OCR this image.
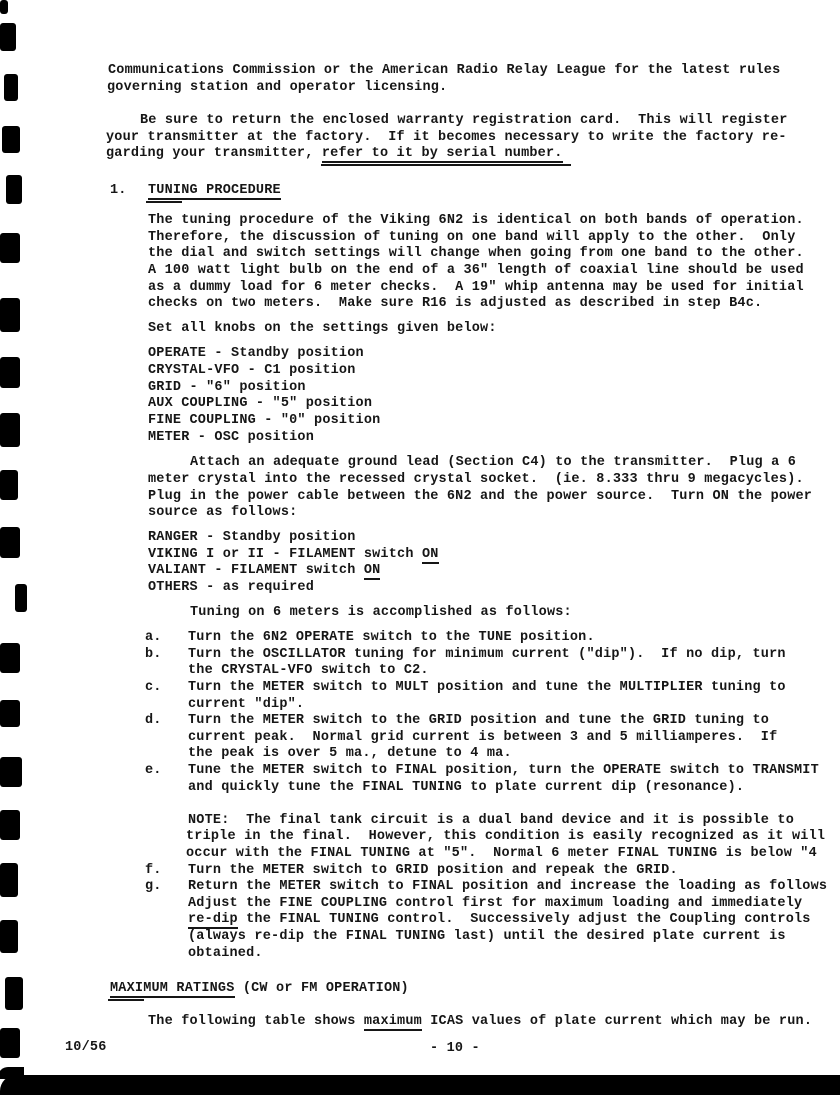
Communications Commission or the American Radio Relay League for the latest rules
governing station and operator licensing.
Be sure to return the enclosed warranty registration card.  This will register
your transmitter at the factory.  If it becomes necessary to write the factory re-
garding your transmitter, refer to it by serial number.
1. TUNING PROCEDURE
The tuning procedure of the Viking 6N2 is identical on both bands of operation.
Therefore, the discussion of tuning on one band will apply to the other.  Only
the dial and switch settings will change when going from one band to the other.
A 100 watt light bulb on the end of a 36" length of coaxial line should be used
as a dummy load for 6 meter checks.  A 19" whip antenna may be used for initial
checks on two meters.  Make sure R16 is adjusted as described in step B4c.
Set all knobs on the settings given below:
OPERATE - Standby position
CRYSTAL-VFO - C1 position
GRID - "6" position
AUX COUPLING - "5" position
FINE COUPLING - "0" position
METER - OSC position
Attach an adequate ground lead (Section C4) to the transmitter.  Plug a 6
meter crystal into the recessed crystal socket.  (ie. 8.333 thru 9 megacycles).
Plug in the power cable between the 6N2 and the power source.  Turn ON the power
source as follows:
RANGER - Standby position
VIKING I or II - FILAMENT switch ON
VALIANT - FILAMENT switch ON
OTHERS - as required
Tuning on 6 meters is accomplished as follows:
a. Turn the 6N2 OPERATE switch to the TUNE position.
b. Turn the OSCILLATOR tuning for minimum current ("dip").  If no dip, turn
the CRYSTAL-VFO switch to C2.
c. Turn the METER switch to MULT position and tune the MULTIPLIER tuning to
current "dip".
d. Turn the METER switch to the GRID position and tune the GRID tuning to
current peak.  Normal grid current is between 3 and 5 milliamperes.  If
the peak is over 5 ma., detune to 4 ma.
e. Tune the METER switch to FINAL position, turn the OPERATE switch to TRANSMIT
and quickly tune the FINAL TUNING to plate current dip (resonance).
NOTE:  The final tank circuit is a dual band device and it is possible to
triple in the final.  However, this condition is easily recognized as it will
occur with the FINAL TUNING at "5".  Normal 6 meter FINAL TUNING is below "4
f. Turn the METER switch to GRID position and repeak the GRID.
g. Return the METER switch to FINAL position and increase the loading as follows
Adjust the FINE COUPLING control first for maximum loading and immediately
re-dip the FINAL TUNING control.  Successively adjust the Coupling controls
(always re-dip the FINAL TUNING last) until the desired plate current is
obtained.
MAXIMUM RATINGS (CW or FM OPERATION)
The following table shows maximum ICAS values of plate current which may be run.
10/56	- 10 -
